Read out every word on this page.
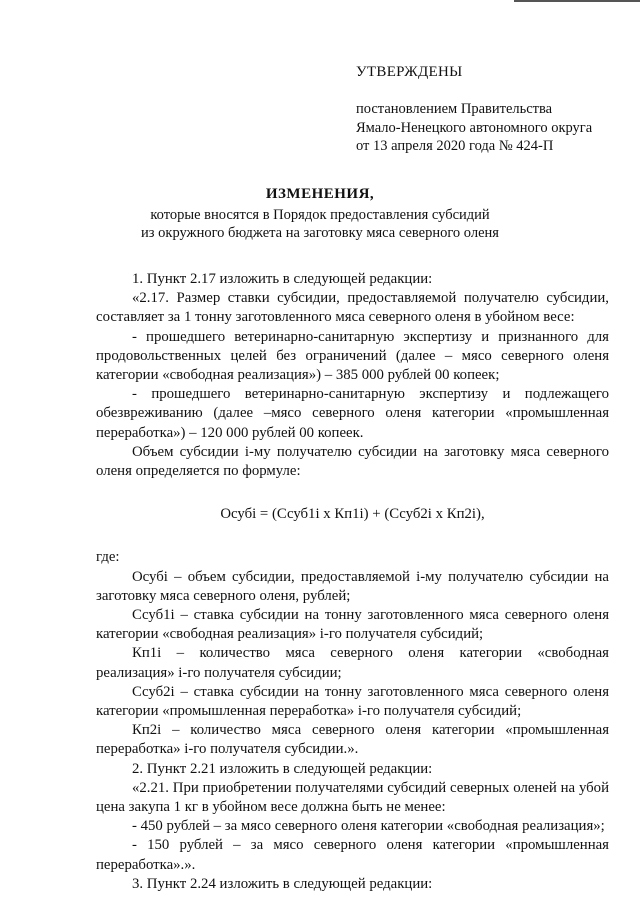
УТВЕРЖДЕНЫ
постановлением Правительства
Ямало-Ненецкого автономного округа
от 13 апреля 2020 года № 424-П
ИЗМЕНЕНИЯ,
которые вносятся в Порядок предоставления субсидий
из окружного бюджета на заготовку мяса северного оленя

1. Пункт 2.17 изложить в следующей редакции:

«2.17. Размер ставки субсидии, предоставляемой получателю субсидии, составляет за 1 тонну заготовленного мяса северного оленя в убойном весе:

- прошедшего ветеринарно-санитарную экспертизу и признанного для продовольственных целей без ограничений (далее – мясо северного оленя категории «свободная реализация») – 385 000 рублей 00 копеек;

- прошедшего ветеринарно-санитарную экспертизу и подлежащего обезвреживанию (далее –мясо северного оленя категории «промышленная переработка») – 120 000 рублей 00 копеек.

Объем субсидии i-му получателю субсидии на заготовку мяса северного оленя определяется по формуле:

Осубi = (Ссуб1i х Кп1i) + (Ссуб2i х Кп2i),

где:

Осубi – объем субсидии, предоставляемой i-му получателю субсидии на заготовку мяса северного оленя, рублей;

Ссуб1i – ставка субсидии на тонну заготовленного мяса северного оленя категории «свободная реализация» i-го получателя субсидий;

Кп1i – количество мяса северного оленя категории «свободная реализация» i-го получателя субсидии;

Ссуб2i – ставка субсидии на тонну заготовленного мяса северного оленя категории «промышленная переработка» i-го получателя субсидий;

Кп2i – количество мяса северного оленя категории «промышленная переработка» i-го получателя субсидии.».

2. Пункт 2.21 изложить в следующей редакции:

«2.21. При приобретении получателями субсидий северных оленей на убой цена закупа 1 кг в убойном весе должна быть не менее:

- 450 рублей – за мясо северного оленя категории «свободная реализация»;

- 150 рублей – за мясо северного оленя категории «промышленная переработка».».

3. Пункт 2.24 изложить в следующей редакции:
